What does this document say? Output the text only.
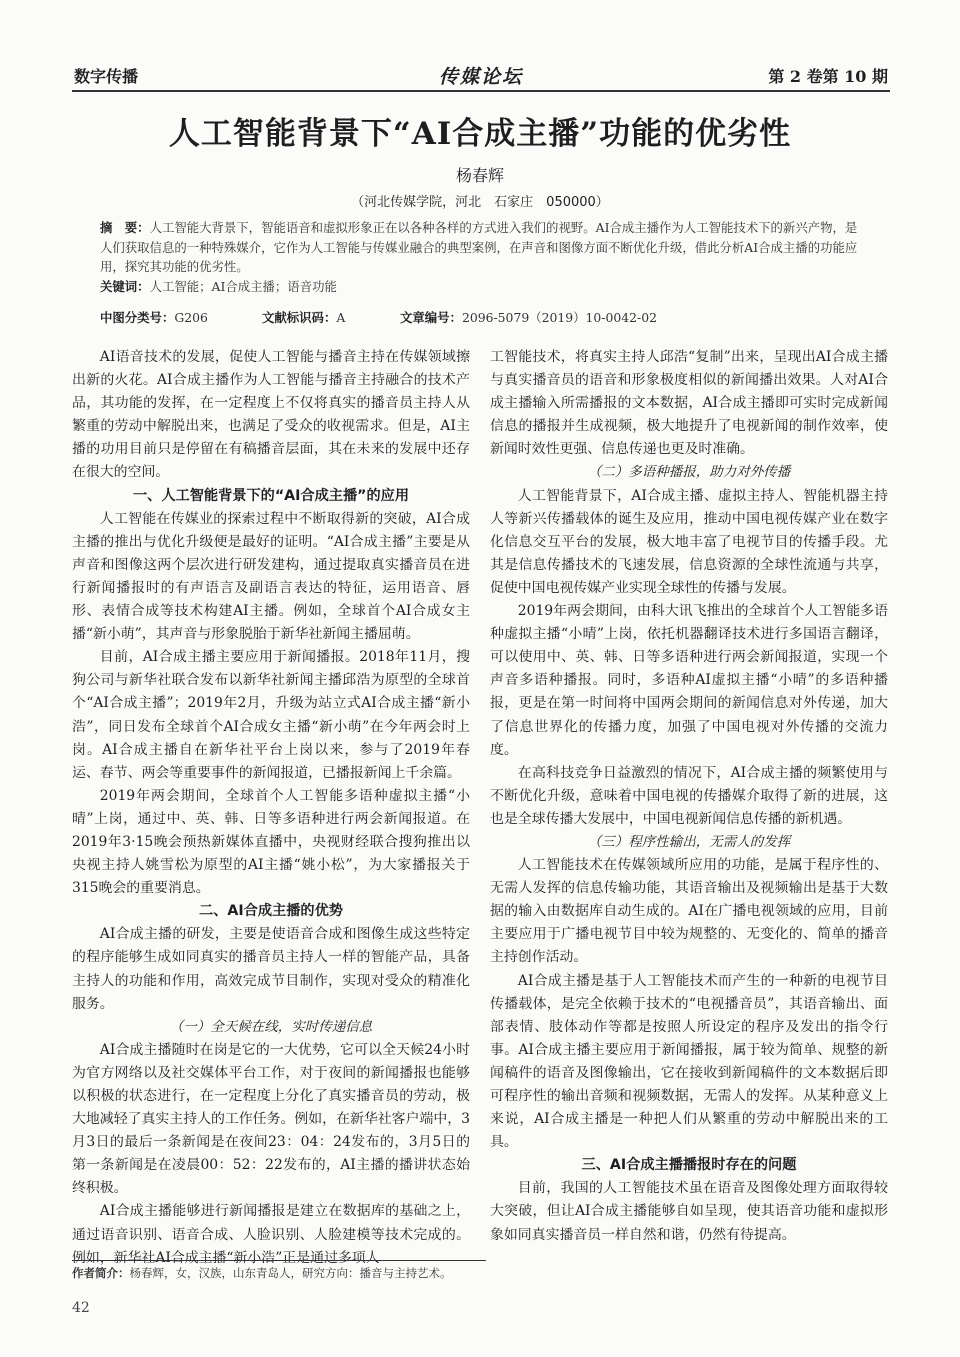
数字传播	传媒论坛	第 2 卷第 10 期
人工智能背景下“AI合成主播”功能的优劣性
杨春辉
（河北传媒学院，河北　石家庄　050000）
摘　要：人工智能大背景下，智能语音和虚拟形象正在以各种各样的方式进入我们的视野。AI合成主播作为人工智能技术下的新兴产物，是人们获取信息的一种特殊媒介，它作为人工智能与传媒业融合的典型案例，在声音和图像方面不断优化升级，借此分析AI合成主播的功能应用，探究其功能的优劣性。
关键词：人工智能；AI合成主播；语音功能
中图分类号：G206	文献标识码：A	文章编号：2096-5079（2019）10-0042-02

AI语音技术的发展，促使人工智能与播音主持在传媒领域擦出新的火花。AI合成主播作为人工智能与播音主持融合的技术产品，其功能的发挥，在一定程度上不仅将真实的播音员主持人从繁重的劳动中解脱出来，也满足了受众的收视需求。但是，AI主播的功用目前只是停留在有稿播音层面，其在未来的发展中还存在很大的空间。

一、人工智能背景下的“AI合成主播”的应用

人工智能在传媒业的探索过程中不断取得新的突破，AI合成主播的推出与优化升级便是最好的证明。“AI合成主播”主要是从声音和图像这两个层次进行研发建构，通过提取真实播音员在进行新闻播报时的有声语言及副语言表达的特征，运用语音、唇形、表情合成等技术构建AI主播。例如，全球首个AI合成女主播“新小萌”，其声音与形象脱胎于新华社新闻主播屈萌。

目前，AI合成主播主要应用于新闻播报。2018年11月，搜狗公司与新华社联合发布以新华社新闻主播邱浩为原型的全球首个“AI合成主播”；2019年2月，升级为站立式AI合成主播“新小浩”，同日发布全球首个AI合成女主播“新小萌”在今年两会时上岗。AI合成主播自在新华社平台上岗以来，参与了2019年春运、春节、两会等重要事件的新闻报道，已播报新闻上千余篇。

2019年两会期间，全球首个人工智能多语种虚拟主播“小晴”上岗，通过中、英、韩、日等多语种进行两会新闻报道。在2019年3·15晚会预热新媒体直播中，央视财经联合搜狗推出以央视主持人姚雪松为原型的AI主播“姚小松”，为大家播报关于315晚会的重要消息。

二、AI合成主播的优势

AI合成主播的研发，主要是使语音合成和图像生成这些特定的程序能够生成如同真实的播音员主持人一样的智能产品，具备主持人的功能和作用，高效完成节目制作，实现对受众的精准化服务。

（一）全天候在线，实时传递信息

AI合成主播随时在岗是它的一大优势，它可以全天候24小时为官方网络以及社交媒体平台工作，对于夜间的新闻播报也能够以积极的状态进行，在一定程度上分化了真实播音员的劳动，极大地减轻了真实主持人的工作任务。例如，在新华社客户端中，3月3日的最后一条新闻是在夜间23：04：24发布的，3月5日的第一条新闻是在凌晨00：52：22发布的，AI主播的播讲状态始终积极。

AI合成主播能够进行新闻播报是建立在数据库的基础之上，通过语音识别、语音合成、人脸识别、人脸建模等技术完成的。例如，新华社AI合成主播“新小浩”正是通过多项人

工智能技术，将真实主持人邱浩“复制”出来，呈现出AI合成主播与真实播音员的语音和形象极度相似的新闻播出效果。人对AI合成主播输入所需播报的文本数据，AI合成主播即可实时完成新闻信息的播报并生成视频，极大地提升了电视新闻的制作效率，使新闻时效性更强、信息传递也更及时准确。

（二）多语种播报，助力对外传播

人工智能背景下，AI合成主播、虚拟主持人、智能机器主持人等新兴传播载体的诞生及应用，推动中国电视传媒产业在数字化信息交互平台的发展，极大地丰富了电视节目的传播手段。尤其是信息传播技术的飞速发展，信息资源的全球性流通与共享，促使中国电视传媒产业实现全球性的传播与发展。

2019年两会期间，由科大讯飞推出的全球首个人工智能多语种虚拟主播“小晴”上岗，依托机器翻译技术进行多国语言翻译，可以使用中、英、韩、日等多语种进行两会新闻报道，实现一个声音多语种播报。同时，多语种AI虚拟主播“小晴”的多语种播报，更是在第一时间将中国两会期间的新闻信息对外传递，加大了信息世界化的传播力度，加强了中国电视对外传播的交流力度。

在高科技竞争日益激烈的情况下，AI合成主播的频繁使用与不断优化升级，意味着中国电视的传播媒介取得了新的进展，这也是全球传播大发展中，中国电视新闻信息传播的新机遇。

（三）程序性输出，无需人的发挥

人工智能技术在传媒领域所应用的功能，是属于程序性的、无需人发挥的信息传输功能，其语音输出及视频输出是基于大数据的输入由数据库自动生成的。AI在广播电视领域的应用，目前主要应用于广播电视节目中较为规整的、无变化的、简单的播音主持创作活动。

AI合成主播是基于人工智能技术而产生的一种新的电视节目传播载体，是完全依赖于技术的“电视播音员”，其语音输出、面部表情、肢体动作等都是按照人所设定的程序及发出的指令行事。AI合成主播主要应用于新闻播报，属于较为简单、规整的新闻稿件的语音及图像输出，它在接收到新闻稿件的文本数据后即可程序性的输出音频和视频数据，无需人的发挥。从某种意义上来说，AI合成主播是一种把人们从繁重的劳动中解脱出来的工具。

三、AI合成主播播报时存在的问题

目前，我国的人工智能技术虽在语音及图像处理方面取得较大突破，但让AI合成主播能够自如呈现，使其语音功能和虚拟形象如同真实播音员一样自然和谐，仍然有待提高。

作者简介：杨春辉，女，汉族，山东青岛人，研究方向：播音与主持艺术。
42
